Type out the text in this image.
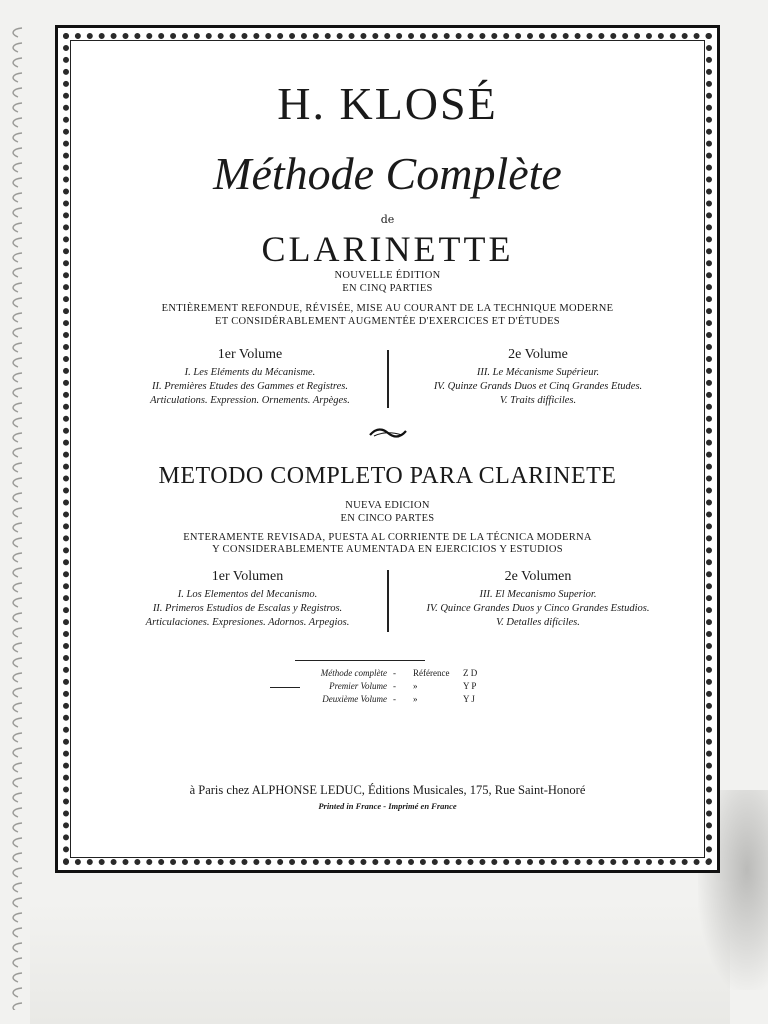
H. KLOSÉ
Méthode Complète
de
CLARINETTE
NOUVELLE ÉDITION
EN CINQ PARTIES
ENTIÈREMENT REFONDUE, RÉVISÉE, MISE AU COURANT DE LA TECHNIQUE MODERNE
ET CONSIDÉRABLEMENT AUGMENTÉE D'EXERCICES ET D'ÉTUDES
1er Volume
I. Les Eléments du Mécanisme.
II. Premières Etudes des Gammes et Registres.
Articulations. Expression. Ornements. Arpèges.
2e Volume
III. Le Mécanisme Supérieur.
IV. Quinze Grands Duos et Cinq Grandes Etudes.
V. Traits difficiles.
METODO COMPLETO PARA CLARINETE
NUEVA EDICION
EN CINCO PARTES
ENTERAMENTE REVISADA, PUESTA AL CORRIENTE DE LA TÉCNICA MODERNA
Y CONSIDERABLEMENTE AUMENTADA EN EJERCICIOS Y ESTUDIOS
1er Volumen
I. Los Elementos del Mecanismo.
II. Primeros Estudios de Escalas y Registros.
Articulaciones. Expresiones. Adornos. Arpegios.
2e Volumen
III. El Mecanismo Superior.
IV. Quince Grandes Duos y Cinco Grandes Estudios.
V. Detalles difíciles.
Méthode complète - Référence Z D
Premier Volume - »	Y P
Deuxième Volume - »	Y J
à Paris chez ALPHONSE LEDUC, Éditions Musicales, 175, Rue Saint-Honoré
Printed in France - Imprimé en France
